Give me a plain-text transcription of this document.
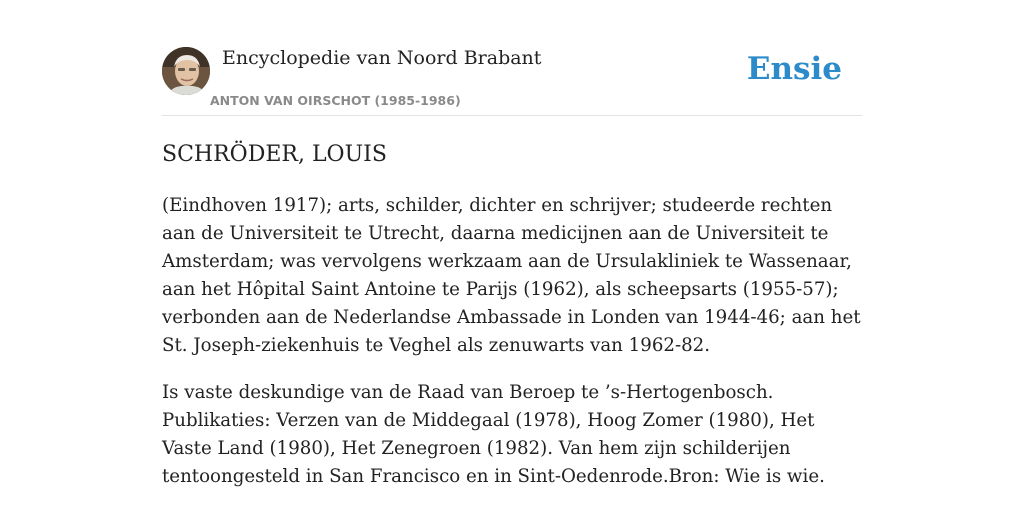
Encyclopedie van Noord Brabant
ANTON VAN OIRSCHOT (1985-1986)
Ensie
SCHRÖDER, LOUIS

(Eindhoven 1917); arts, schilder, dichter en schrijver; studeerde rechten aan de Universiteit te Utrecht, daarna medicijnen aan de Universiteit te Amsterdam; was vervolgens werkzaam aan de Ursulakliniek te Wassenaar, aan het Hôpital Saint Antoine te Parijs (1962), als scheepsarts (1955-57); verbonden aan de Nederlandse Ambassade in Londen van 1944-46; aan het St. Joseph-ziekenhuis te Veghel als zenuwarts van 1962-82.

Is vaste deskundige van de Raad van Beroep te ’s-Hertogenbosch. Publikaties: Verzen van de Middegaal (1978), Hoog Zomer (1980), Het Vaste Land (1980), Het Zenegroen (1982). Van hem zijn schilderijen tentoongesteld in San Francisco en in Sint-Oedenrode.Bron: Wie is wie.
